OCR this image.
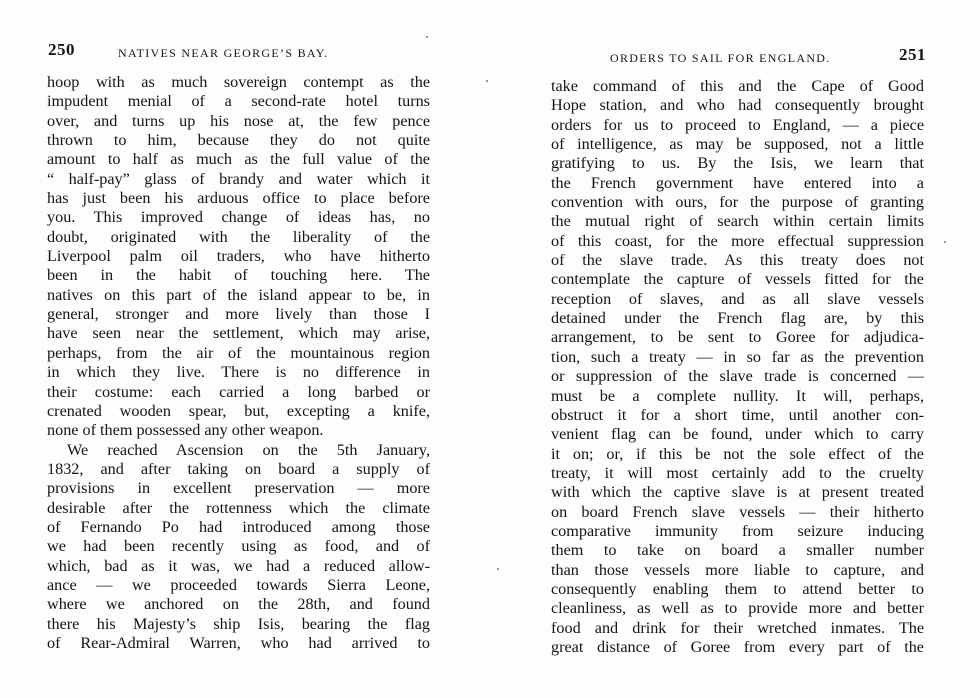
250	NATIVES NEAR GEORGE’S BAY.
hoop with as much sovereign contempt as the
impudent menial of a second-rate hotel turns
over, and turns up his nose at, the few pence
thrown to him, because they do not quite
amount to half as much as the full value of the
“ half-pay” glass of brandy and water which it
has just been his arduous office to place before
you. This improved change of ideas has, no
doubt, originated with the liberality of the
Liverpool palm oil traders, who have hitherto
been in the habit of touching here. The
natives on this part of the island appear to be, in
general, stronger and more lively than those I
have seen near the settlement, which may arise,
perhaps, from the air of the mountainous region
in which they live. There is no difference in
their costume: each carried a long barbed or
crenated wooden spear, but, excepting a knife,
none of them possessed any other weapon.
We reached Ascension on the 5th January,
1832, and after taking on board a supply of
provisions in excellent preservation — more
desirable after the rottenness which the climate
of Fernando Po had introduced among those
we had been recently using as food, and of
which, bad as it was, we had a reduced allow-
ance — we proceeded towards Sierra Leone,
where we anchored on the 28th, and found
there his Majesty’s ship Isis, bearing the flag
of Rear-Admiral Warren, who had arrived to
ORDERS TO SAIL FOR ENGLAND.	251
take command of this and the Cape of Good
Hope station, and who had consequently brought
orders for us to proceed to England, — a piece
of intelligence, as may be supposed, not a little
gratifying to us. By the Isis, we learn that
the French government have entered into a
convention with ours, for the purpose of granting
the mutual right of search within certain limits
of this coast, for the more effectual suppression
of the slave trade. As this treaty does not
contemplate the capture of vessels fitted for the
reception of slaves, and as all slave vessels
detained under the French flag are, by this
arrangement, to be sent to Goree for adjudica-
tion, such a treaty — in so far as the prevention
or suppression of the slave trade is concerned —
must be a complete nullity. It will, perhaps,
obstruct it for a short time, until another con-
venient flag can be found, under which to carry
it on; or, if this be not the sole effect of the
treaty, it will most certainly add to the cruelty
with which the captive slave is at present treated
on board French slave vessels — their hitherto
comparative immunity from seizure inducing
them to take on board a smaller number
than those vessels more liable to capture, and
consequently enabling them to attend better to
cleanliness, as well as to provide more and better
food and drink for their wretched inmates. The
great distance of Goree from every part of the
